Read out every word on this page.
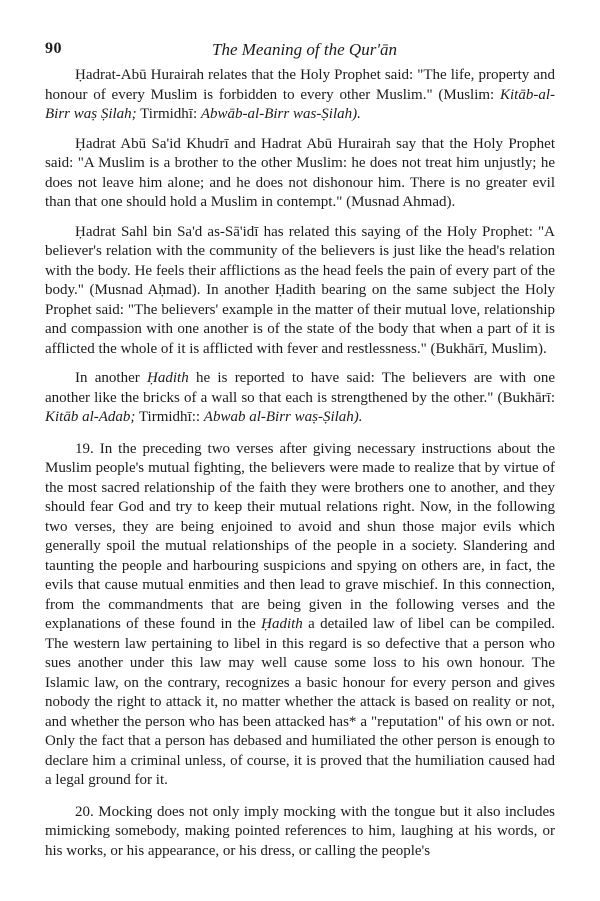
90	The Meaning of the Qur'ān

Ḥadrat-Abū Hurairah relates that the Holy Prophet said: "The life, property and honour of every Muslim is forbidden to every other Muslim." (Muslim: Kitāb-al-Birr waṣ Ṣilah; Tirmidhī: Abwāb-al-Birr was-Ṣilah).

Ḥadrat Abū Sa'id Khudrī and Hadrat Abū Hurairah say that the Holy Prophet said: "A Muslim is a brother to the other Muslim: he does not treat him unjustly; he does not leave him alone; and he does not dishonour him. There is no greater evil than that one should hold a Muslim in contempt." (Musnad Ahmad).

Ḥadrat Sahl bin Sa'd as-Sā'idī has related this saying of the Holy Prophet: "A believer's relation with the community of the believers is just like the head's relation with the body. He feels their afflictions as the head feels the pain of every part of the body." (Musnad Aḥmad). In another Ḥadith bearing on the same subject the Holy Prophet said: "The believers' example in the matter of their mutual love, relationship and compassion with one another is of the state of the body that when a part of it is afflicted the whole of it is afflicted with fever and restlessness." (Bukhārī, Muslim).

In another Ḥadith he is reported to have said: The believers are with one another like the bricks of a wall so that each is strengthened by the other." (Bukhārī: Kitāb al-Adab; Tirmidhī:: Abwab al-Birr waṣ-Ṣilah).

19. In the preceding two verses after giving necessary instructions about the Muslim people's mutual fighting, the believers were made to realize that by virtue of the most sacred relationship of the faith they were brothers one to another, and they should fear God and try to keep their mutual relations right. Now, in the following two verses, they are being enjoined to avoid and shun those major evils which generally spoil the mutual relationships of the people in a society. Slandering and taunting the people and harbouring suspicions and spying on others are, in fact, the evils that cause mutual enmities and then lead to grave mischief. In this connection, from the commandments that are being given in the following verses and the explanations of these found in the Ḥadith a detailed law of libel can be compiled. The western law pertaining to libel in this regard is so defective that a person who sues another under this law may well cause some loss to his own honour. The Islamic law, on the contrary, recognizes a basic honour for every person and gives nobody the right to attack it, no matter whether the attack is based on reality or not, and whether the person who has been attacked has* a "reputation" of his own or not. Only the fact that a person has debased and humiliated the other person is enough to declare him a criminal unless, of course, it is proved that the humiliation caused had a legal ground for it.

20. Mocking does not only imply mocking with the tongue but it also includes mimicking somebody, making pointed references to him, laughing at his words, or his works, or his appearance, or his dress, or calling the people's
